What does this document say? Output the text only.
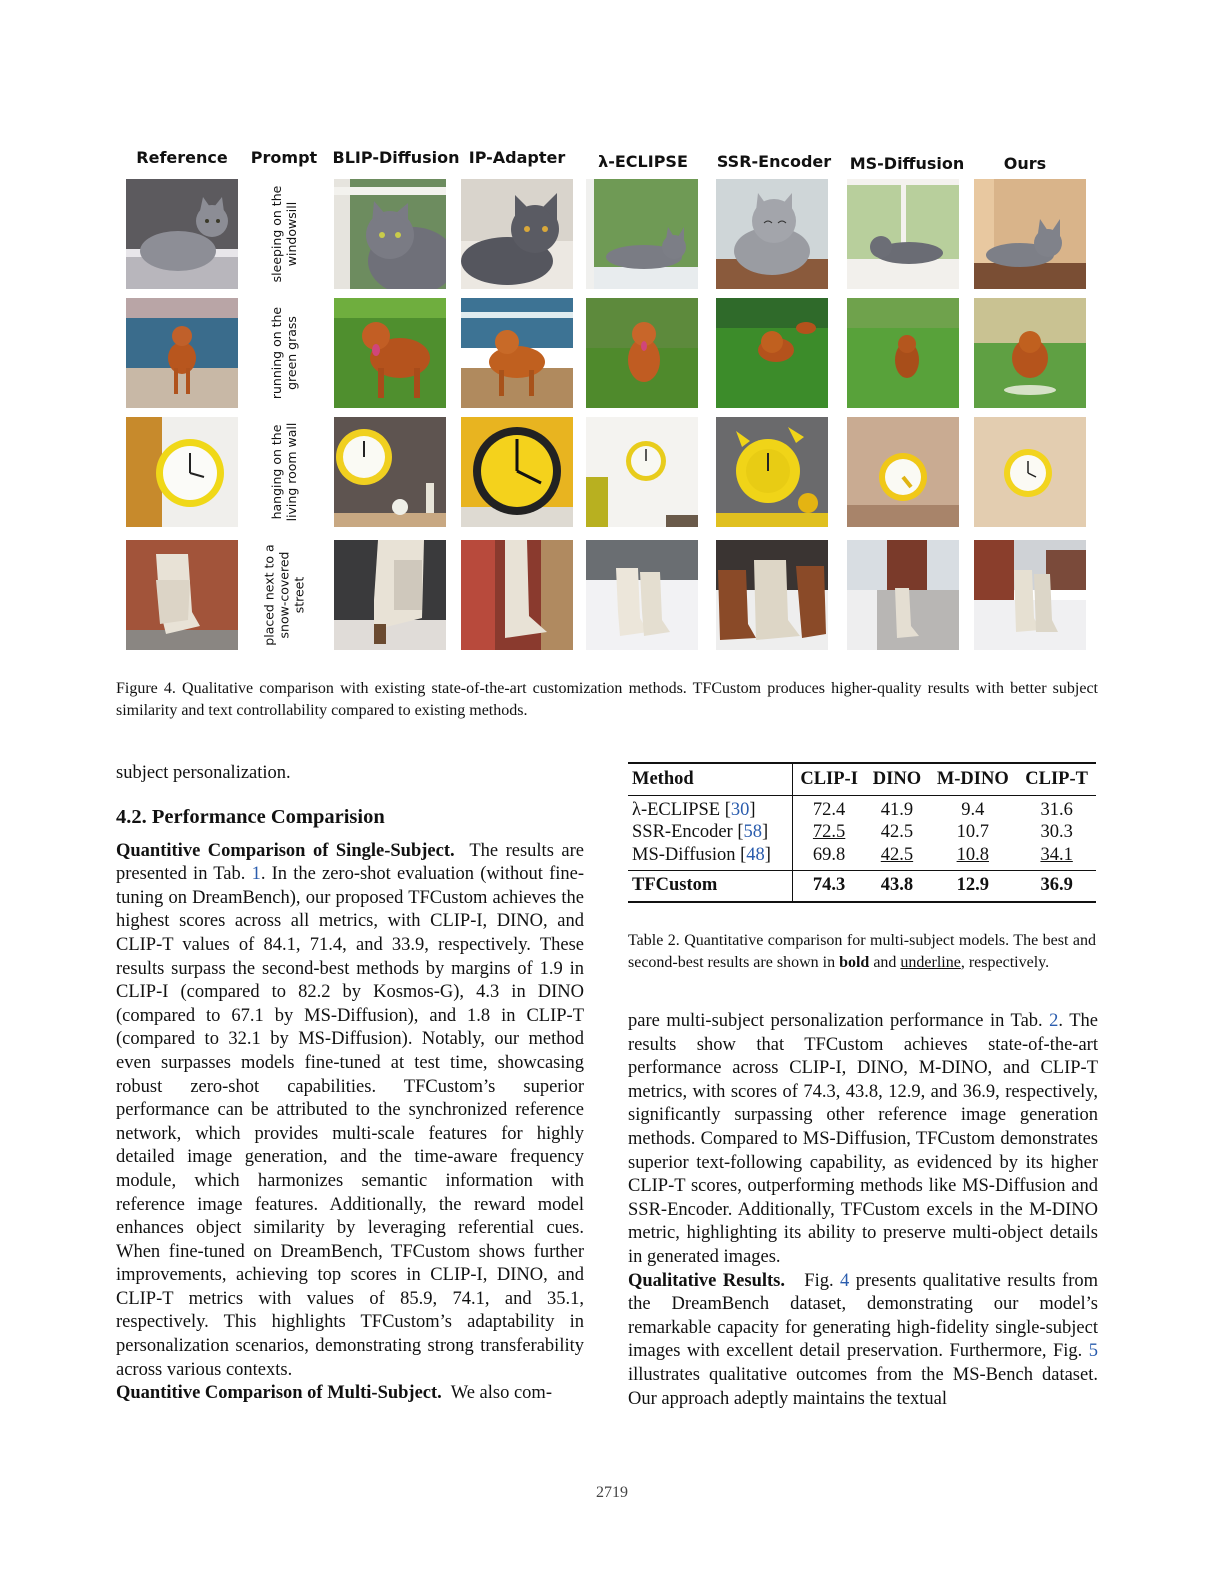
Reference	Prompt BLIP-Diffusion IP-Adapter	λ-ECLIPSE	SSR-Encoder MS-Diffusion	Ours
sleeping on the windowsill
running on the green grass
hanging on the living room wall
placed next to a snow-covered street
Figure 4. Qualitative comparison with existing state-of-the-art customization methods. TFCustom produces higher-quality results with better subject similarity and text controllability compared to existing methods.

subject personalization.

4.2. Performance Comparision

Quantitive Comparison of Single-Subject. The results are presented in Tab. 1. In the zero-shot evaluation (without fine-tuning on DreamBench), our proposed TFCustom achieves the highest scores across all metrics, with CLIP-I, DINO, and CLIP-T values of 84.1, 71.4, and 33.9, respectively. These results surpass the second-best methods by margins of 1.9 in CLIP-I (compared to 82.2 by Kosmos-G), 4.3 in DINO (compared to 67.1 by MS-Diffusion), and 1.8 in CLIP-T (compared to 32.1 by MS-Diffusion). Notably, our method even surpasses models fine-tuned at test time, showcasing robust zero-shot capabilities. TFCustom’s superior performance can be attributed to the synchronized reference network, which provides multi-scale features for highly detailed image generation, and the time-aware frequency module, which harmonizes semantic information with reference image features. Additionally, the reward model enhances object similarity by leveraging referential cues. When fine-tuned on DreamBench, TFCustom shows further improvements, achieving top scores in CLIP-I, DINO, and CLIP-T metrics with values of 85.9, 74.1, and 35.1, respectively. This highlights TFCustom’s adaptability in personalization scenarios, demonstrating strong transferability across various contexts.

Quantitive Comparison of Multi-Subject. We also com-

Method	CLIP-I	DINO	M-DINO	CLIP-T
λ-ECLIPSE [30]	72.4	41.9	9.4	31.6
SSR-Encoder [58]	72.5	42.5	10.7	30.3
MS-Diffusion [48]	69.8	42.5	10.8	34.1
TFCustom	74.3	43.8	12.9	36.9
Table 2. Quantitative comparison for multi-subject models. The best and second-best results are shown in bold and underline, respectively.

pare multi-subject personalization performance in Tab. 2. The results show that TFCustom achieves state-of-the-art performance across CLIP-I, DINO, M-DINO, and CLIP-T metrics, with scores of 74.3, 43.8, 12.9, and 36.9, respectively, significantly surpassing other reference image generation methods. Compared to MS-Diffusion, TFCustom demonstrates superior text-following capability, as evidenced by its higher CLIP-T scores, outperforming methods like MS-Diffusion and SSR-Encoder. Additionally, TFCustom excels in the M-DINO metric, highlighting its ability to preserve multi-object details in generated images.

Qualitative Results. Fig. 4 presents qualitative results from the DreamBench dataset, demonstrating our model’s remarkable capacity for generating high-fidelity single-subject images with excellent detail preservation. Furthermore, Fig. 5 illustrates qualitative outcomes from the MS-Bench dataset. Our approach adeptly maintains the textual

2719
